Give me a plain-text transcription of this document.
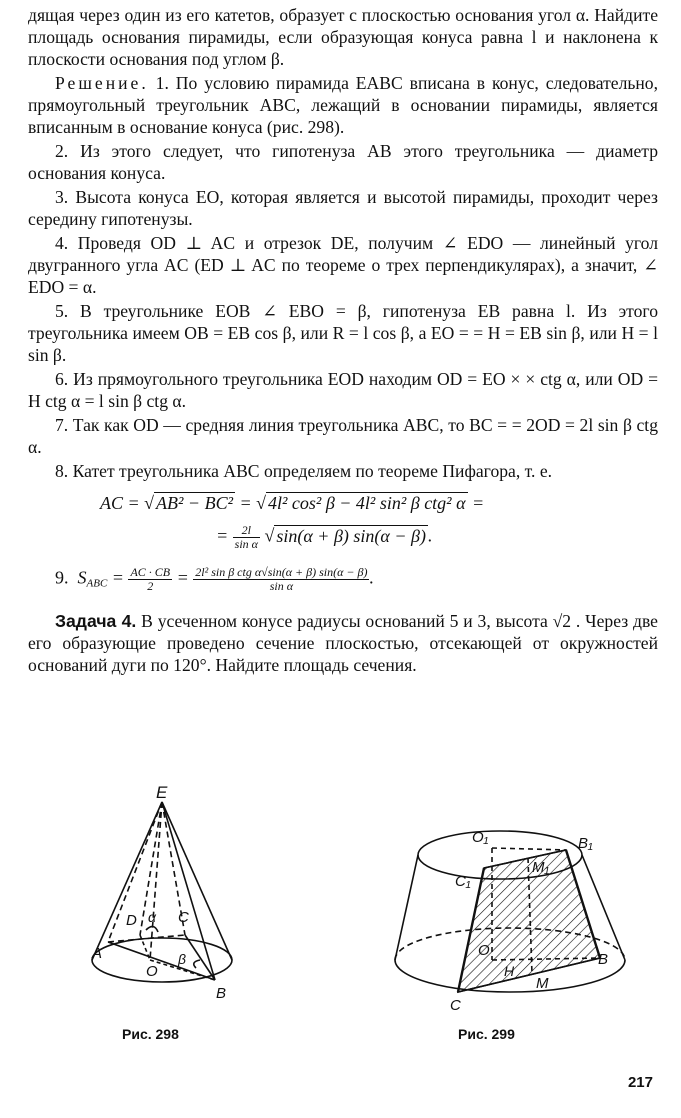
дящая через один из его катетов, образует с плоскостью основания угол α. Найдите площадь основания пирамиды, если образующая конуса равна l и наклонена к плоскости основания под углом β.

Решение. 1. По условию пирамида EABC вписана в конус, следовательно, прямоугольный треугольник ABC, лежащий в основании пирамиды, является вписанным в основание конуса (рис. 298).

2. Из этого следует, что гипотенуза AB этого треугольника — диаметр основания конуса.

3. Высота конуса EO, которая является и высотой пирамиды, проходит через середину гипотенузы.

4. Проведя OD ⊥ AC и отрезок DE, получим ∠ EDO — линейный угол двугранного угла AC (ED ⊥ AC по теореме о трех перпендикулярах), а значит, ∠ EDO = α.

5. В треугольнике EOB ∠ EBO = β, гипотенуза EB равна l. Из этого треугольника имеем OB = EB cos β, или R = l cos β, а EO = = H = EB sin β, или H = l sin β.

6. Из прямоугольного треугольника EOD находим OD = EO × × ctg α, или OD = H ctg α = l sin β ctg α.

7. Так как OD — средняя линия треугольника ABC, то BC = = 2OD = 2l sin β ctg α.

8. Катет треугольника ABC определяем по теореме Пифагора, т. е.

AC = √ AB² − BC² = √ 4l² cos² β − 4l² sin² β ctg² α =
= $\frac{2l}{\text{sin α}}$ √ sin(α + β) sin(α − β) .
9. $S_{ABC} = \frac{AC \cdot CB}{2} = \frac{\text{2l² sin β ctg α√sin(α + β) sin(α − β)}}{\text{sin α}}$ .

Задача 4. В усеченном конусе радиусы оснований 5 и 3, высота √2 . Через две его образующие проведено сечение плоскостью, отсекающей от окружностей оснований дуги по 120°. Найдите площадь сечения.

E
D α C
A
O
β
B
O₁	B₁
C₁
M₁
O
H
B
M
C
Рис. 298	Рис. 299
217
